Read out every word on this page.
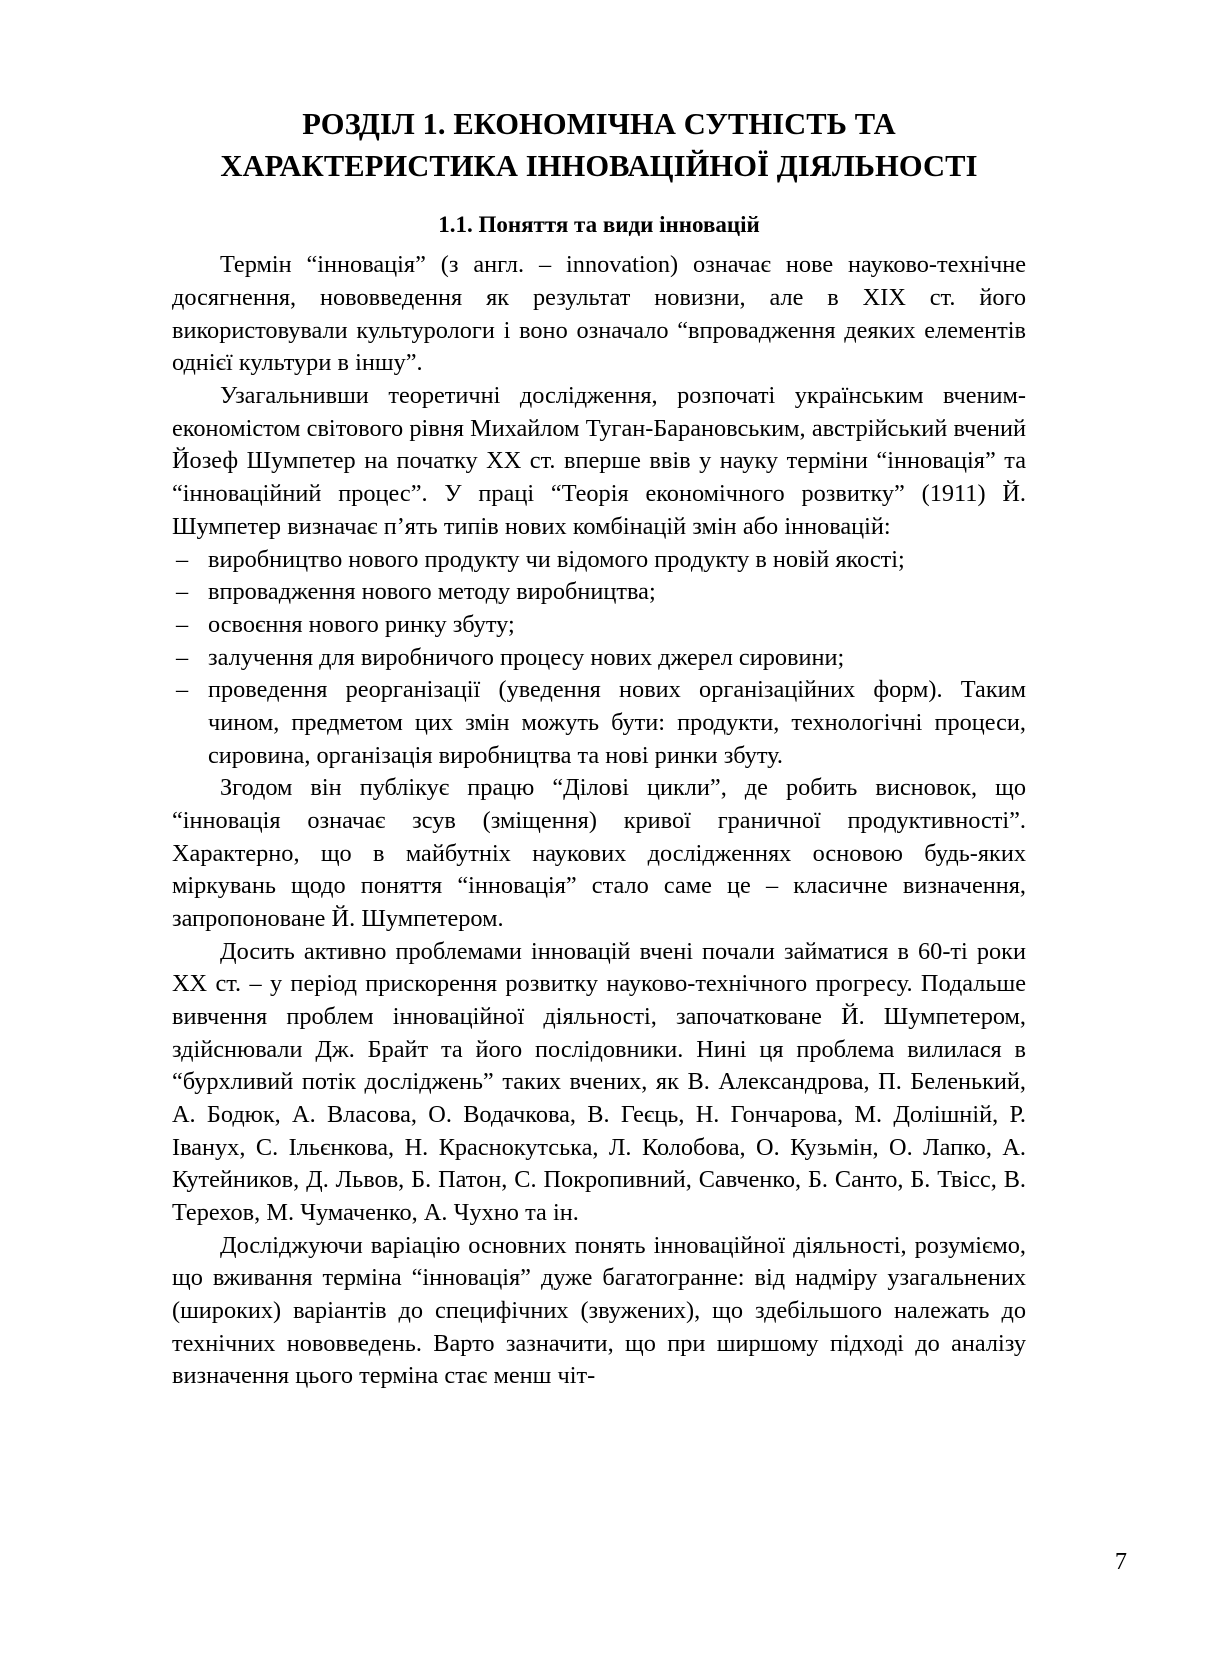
РОЗДІЛ 1. ЕКОНОМІЧНА СУТНІСТЬ ТА
ХАРАКТЕРИСТИКА ІННОВАЦІЙНОЇ ДІЯЛЬНОСТІ
1.1. Поняття та види інновацій

Термін “інновація” (з англ. – innovation) означає нове науково-технічне досягнення, нововведення як результат новизни, але в XIX ст. його використовували культурологи і воно означало “впровадження деяких елементів однієї культури в іншу”.

Узагальнивши теоретичні дослідження, розпочаті українським вченим-економістом світового рівня Михайлом Туган-Барановським, австрійський вчений Йозеф Шумпетер на початку XX ст. вперше ввів у науку терміни “інновація” та “інноваційний процес”. У праці “Теорія економічного розвитку” (1911) Й. Шумпетер визначає п’ять типів нових комбінацій змін або інновацій:

– виробництво нового продукту чи відомого продукту в новій якості;
– впровадження нового методу виробництва;
– освоєння нового ринку збуту;
– залучення для виробничого процесу нових джерел сировини;
– проведення реорганізації (уведення нових організаційних форм). Таким чином, предметом цих змін можуть бути: продукти, технологічні процеси, сировина, організація виробництва та нові ринки збуту.

Згодом він публікує працю “Ділові цикли”, де робить висновок, що “інновація означає зсув (зміщення) кривої граничної продуктивності”. Характерно, що в майбутніх наукових дослідженнях основою будь-яких міркувань щодо поняття “інновація” стало саме це – класичне визначення, запропоноване Й. Шумпетером.

Досить активно проблемами інновацій вчені почали займатися в 60-ті роки XX ст. – у період прискорення розвитку науково-технічного прогресу. Подальше вивчення проблем інноваційної діяльності, започатковане Й. Шумпетером, здійснювали Дж. Брайт та його послідовники. Нині ця проблема вилилася в “бурхливий потік досліджень” таких вчених, як В. Александрова, П. Беленький, А. Бодюк, А. Власова, О. Водачкова, В. Геєць, Н. Гончарова, М. Долішній, Р. Іванух, С. Ільєнкова, Н. Краснокутська, Л. Колобова, О. Кузьмін, О. Лапко, А. Кутейников, Д. Львов, Б. Патон, С. Покропивний, Савченко, Б. Санто, Б. Твісс, В. Терехов, М. Чумаченко, А. Чухно та ін.

Досліджуючи варіацію основних понять інноваційної діяльності, розуміємо, що вживання терміна “інновація” дуже багатогранне: від надміру узагальнених (широких) варіантів до специфічних (звужених), що здебільшого належать до технічних нововведень. Варто зазначити, що при ширшому підході до аналізу визначення цього терміна стає менш чіт-

7
